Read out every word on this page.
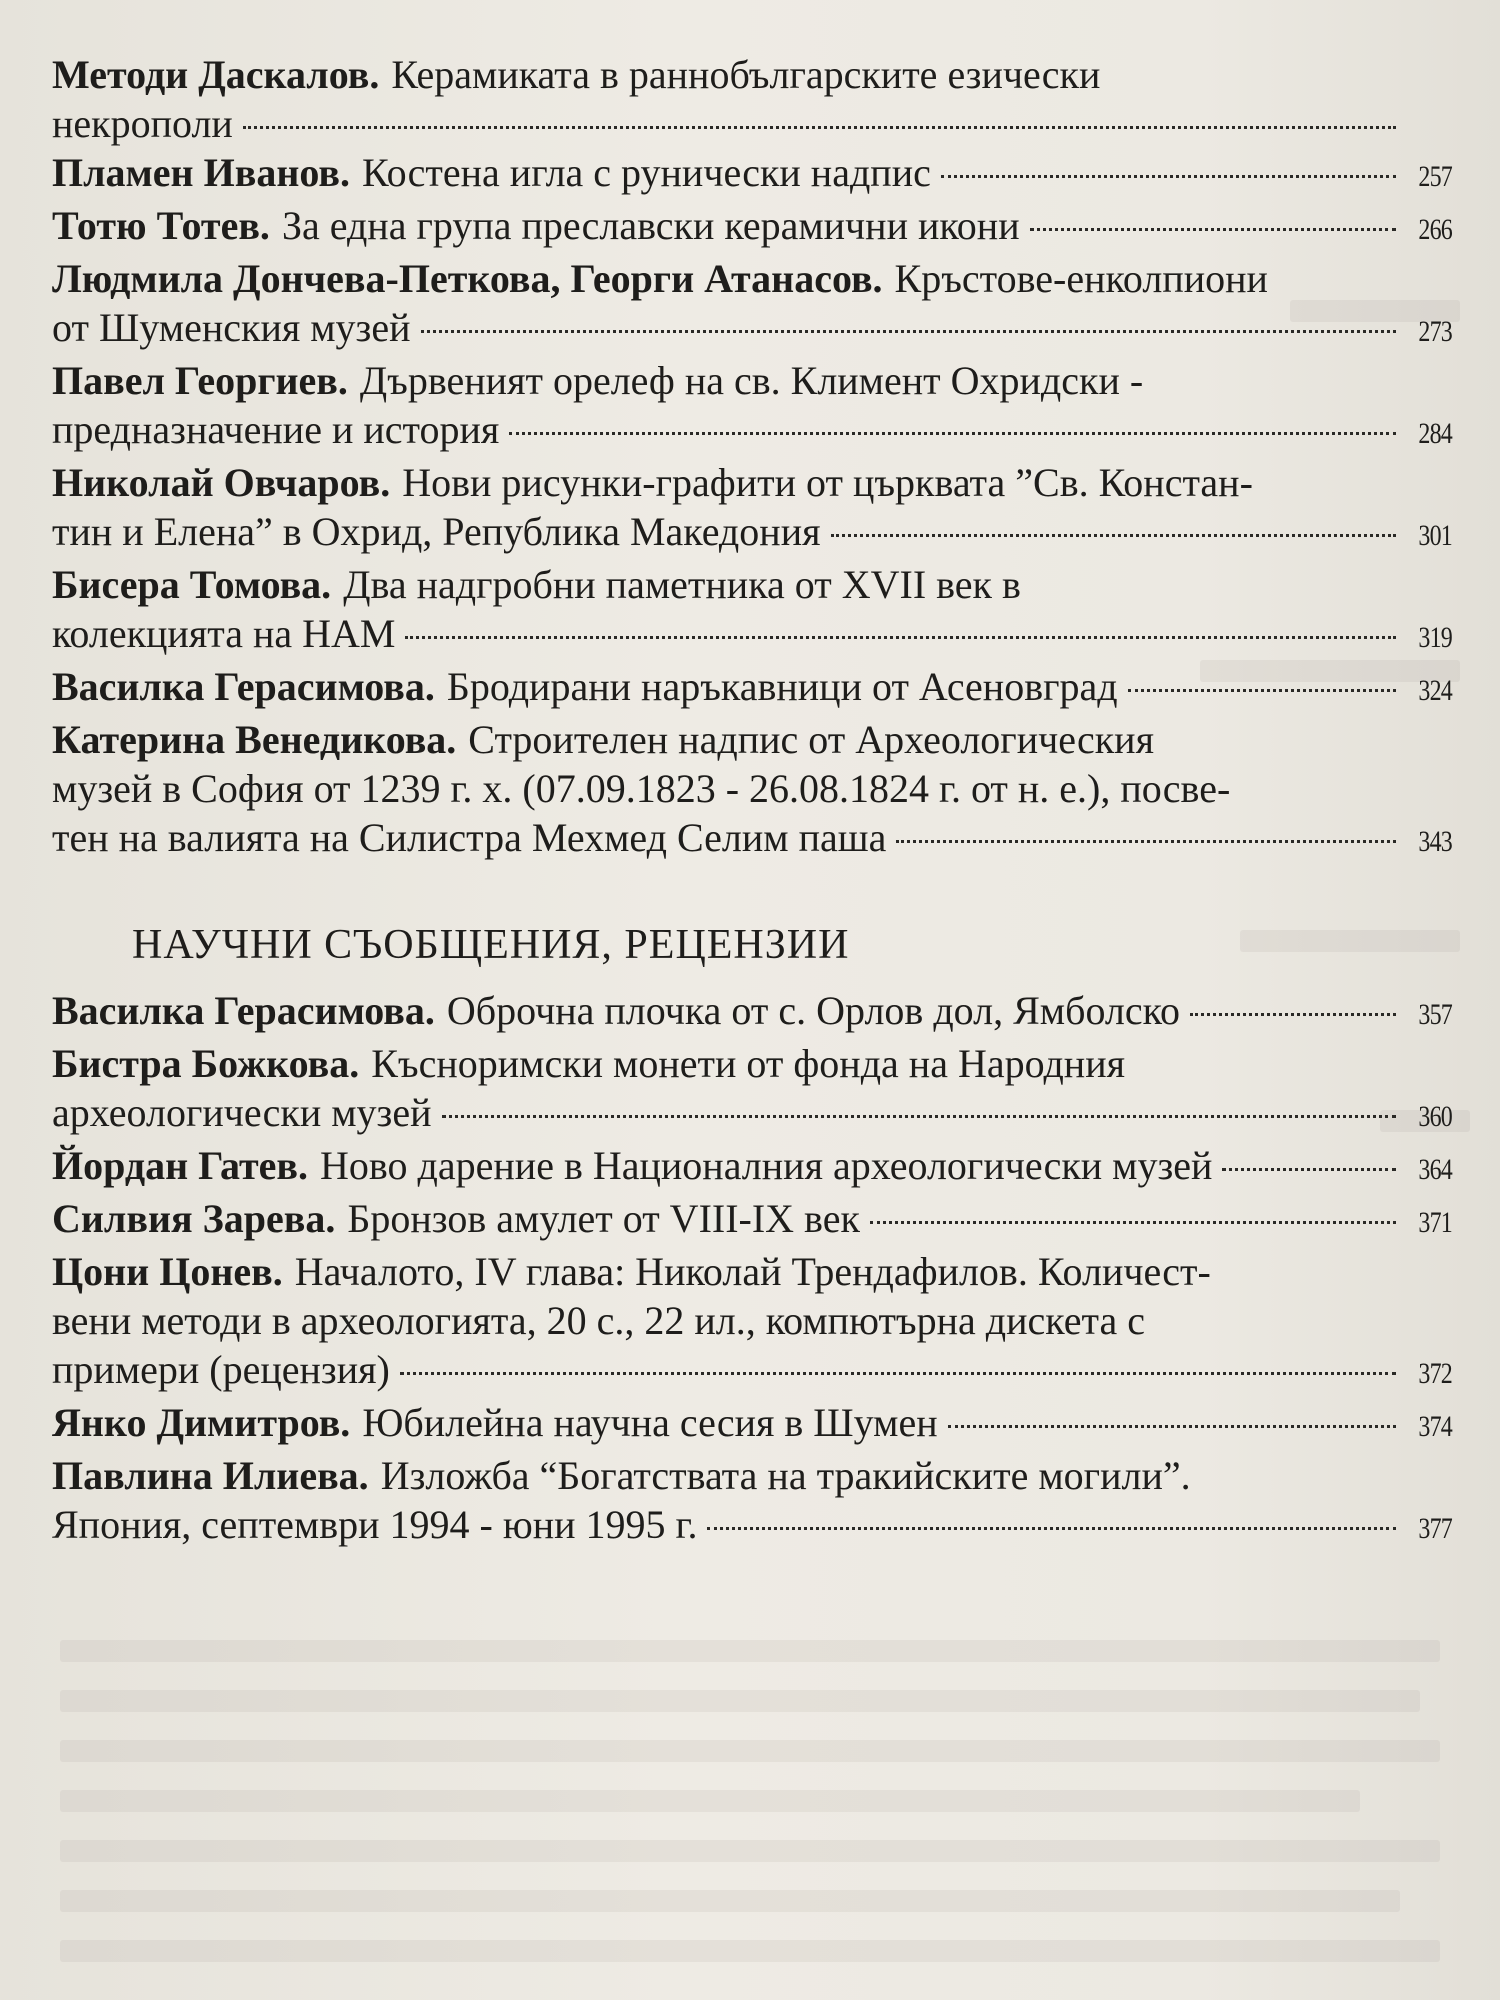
Методи Даскалов. Керамиката в раннобългарските езически
некрополи
Пламен Иванов. Костена игла с рунически надпис	257
Тотю Тотев. За една група преславски керамични икони	266
Людмила Дончева-Петкова, Георги Атанасов. Кръстове-енколпиони
от Шуменския музей	273
Павел Георгиев. Дървеният орелеф на св. Климент Охридски -
предназначение и история	284
Николай Овчаров. Нови рисунки-графити от църквата ”Св. Констан-
тин и Елена” в Охрид, Република Македония	301
Бисера Томова. Два надгробни паметника от XVII век в
колекцията на НАМ	319
Василка Герасимова. Бродирани наръкавници от Асеновград	324
Катерина Венедикова. Строителен надпис от Археологическия
музей в София от 1239 г. х. (07.09.1823 - 26.08.1824 г. от н. е.), посве-
тен на валията на Силистра Мехмед Селим паша	343
НАУЧНИ СЪОБЩЕНИЯ, РЕЦЕНЗИИ
Василка Герасимова. Оброчна плочка от с. Орлов дол, Ямболско	357
Бистра Божкова. Късноримски монети от фонда на Народния
археологически музей	360
Йордан Гатев. Ново дарение в Националния археологически музей	364
Силвия Зарева. Бронзов амулет от VIII-IX век	371
Цони Цонев. Началото, IV глава: Николай Трендафилов. Количест-
вени методи в археологията, 20 с., 22 ил., компютърна дискета с
примери (рецензия)	372
Янко Димитров. Юбилейна научна сесия в Шумен	374
Павлина Илиева. Изложба “Богатствата на тракийските могили”.
Япония, септември 1994 - юни 1995 г.	377
